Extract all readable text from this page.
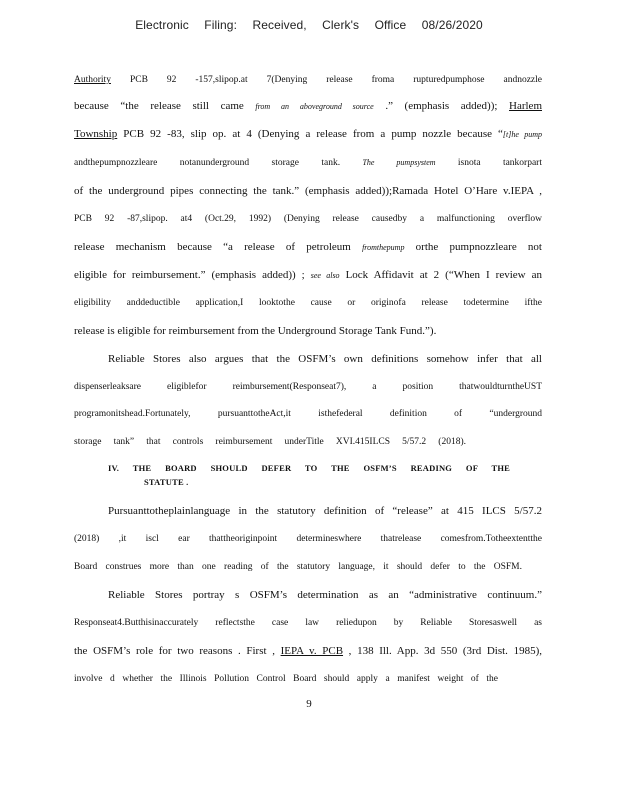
Electronic Filing: Received, Clerk's Office 08/26/2020
Authority PCB 92 -157,slipop.at 7(Denying release froma rupturedpumphose andnozzle
because “the release still came from an aboveground source .” (emphasis added)); Harlem
Township PCB 92 -83, slip op. at 4 (Denying a release from a pump nozzle because “[t]he pump
andthepumpnozzleare notanunderground storage tank. The pumpsystem isnota tankorpart
of the underground pipes connecting the tank.” (emphasis added));Ramada Hotel O’Hare v.IEPA ,
PCB 92 -87,slipop. at4 (Oct.29, 1992) (Denying release causedby a malfunctioning overflow
release mechanism because “a release of petroleum fromthepump orthe pumpnozzleare not
eligible for reimbursement.” (emphasis added)) ; see also Lock Affidavit at 2 (“When I review an
eligibility anddeductible application,I looktothe cause or originofa release todetermine ifthe
release is eligible for reimbursement from the Underground Storage Tank Fund.”).
Reliable Stores also argues that the OSFM’s own definitions somehow infer that all
dispenserleaksare eligiblefor reimbursement(Responseat7), a position thatwouldturntheUST
programonitshead.Fortunately, pursuanttotheAct,it isthefederal definition of “underground
storage tank” that controls reimbursement underTitle XVI.415ILCS 5/57.2 (2018).
IV. THE BOARD SHOULD DEFER TO THE OSFM’S READING OF THE
STATUTE .
Pursuanttotheplainlanguage in the statutory definition of “release” at 415 ILCS 5/57.2
(2018) ,it iscl ear thattheoriginpoint determineswhere thatrelease comesfrom.Totheextentthe
Board construes more than one reading of the statutory language, it should defer to the OSFM.
Reliable Stores portray s OSFM’s determination as an “administrative continuum.”
Responseat4.Butthisinaccurately reflectsthe case law reliedupon by Reliable Storesaswell as
the OSFM’s role for two reasons . First , IEPA v. PCB , 138 Ill. App. 3d 550 (3rd Dist. 1985),
involve d whether the Illinois Pollution Control Board should apply a manifest weight of the
9
